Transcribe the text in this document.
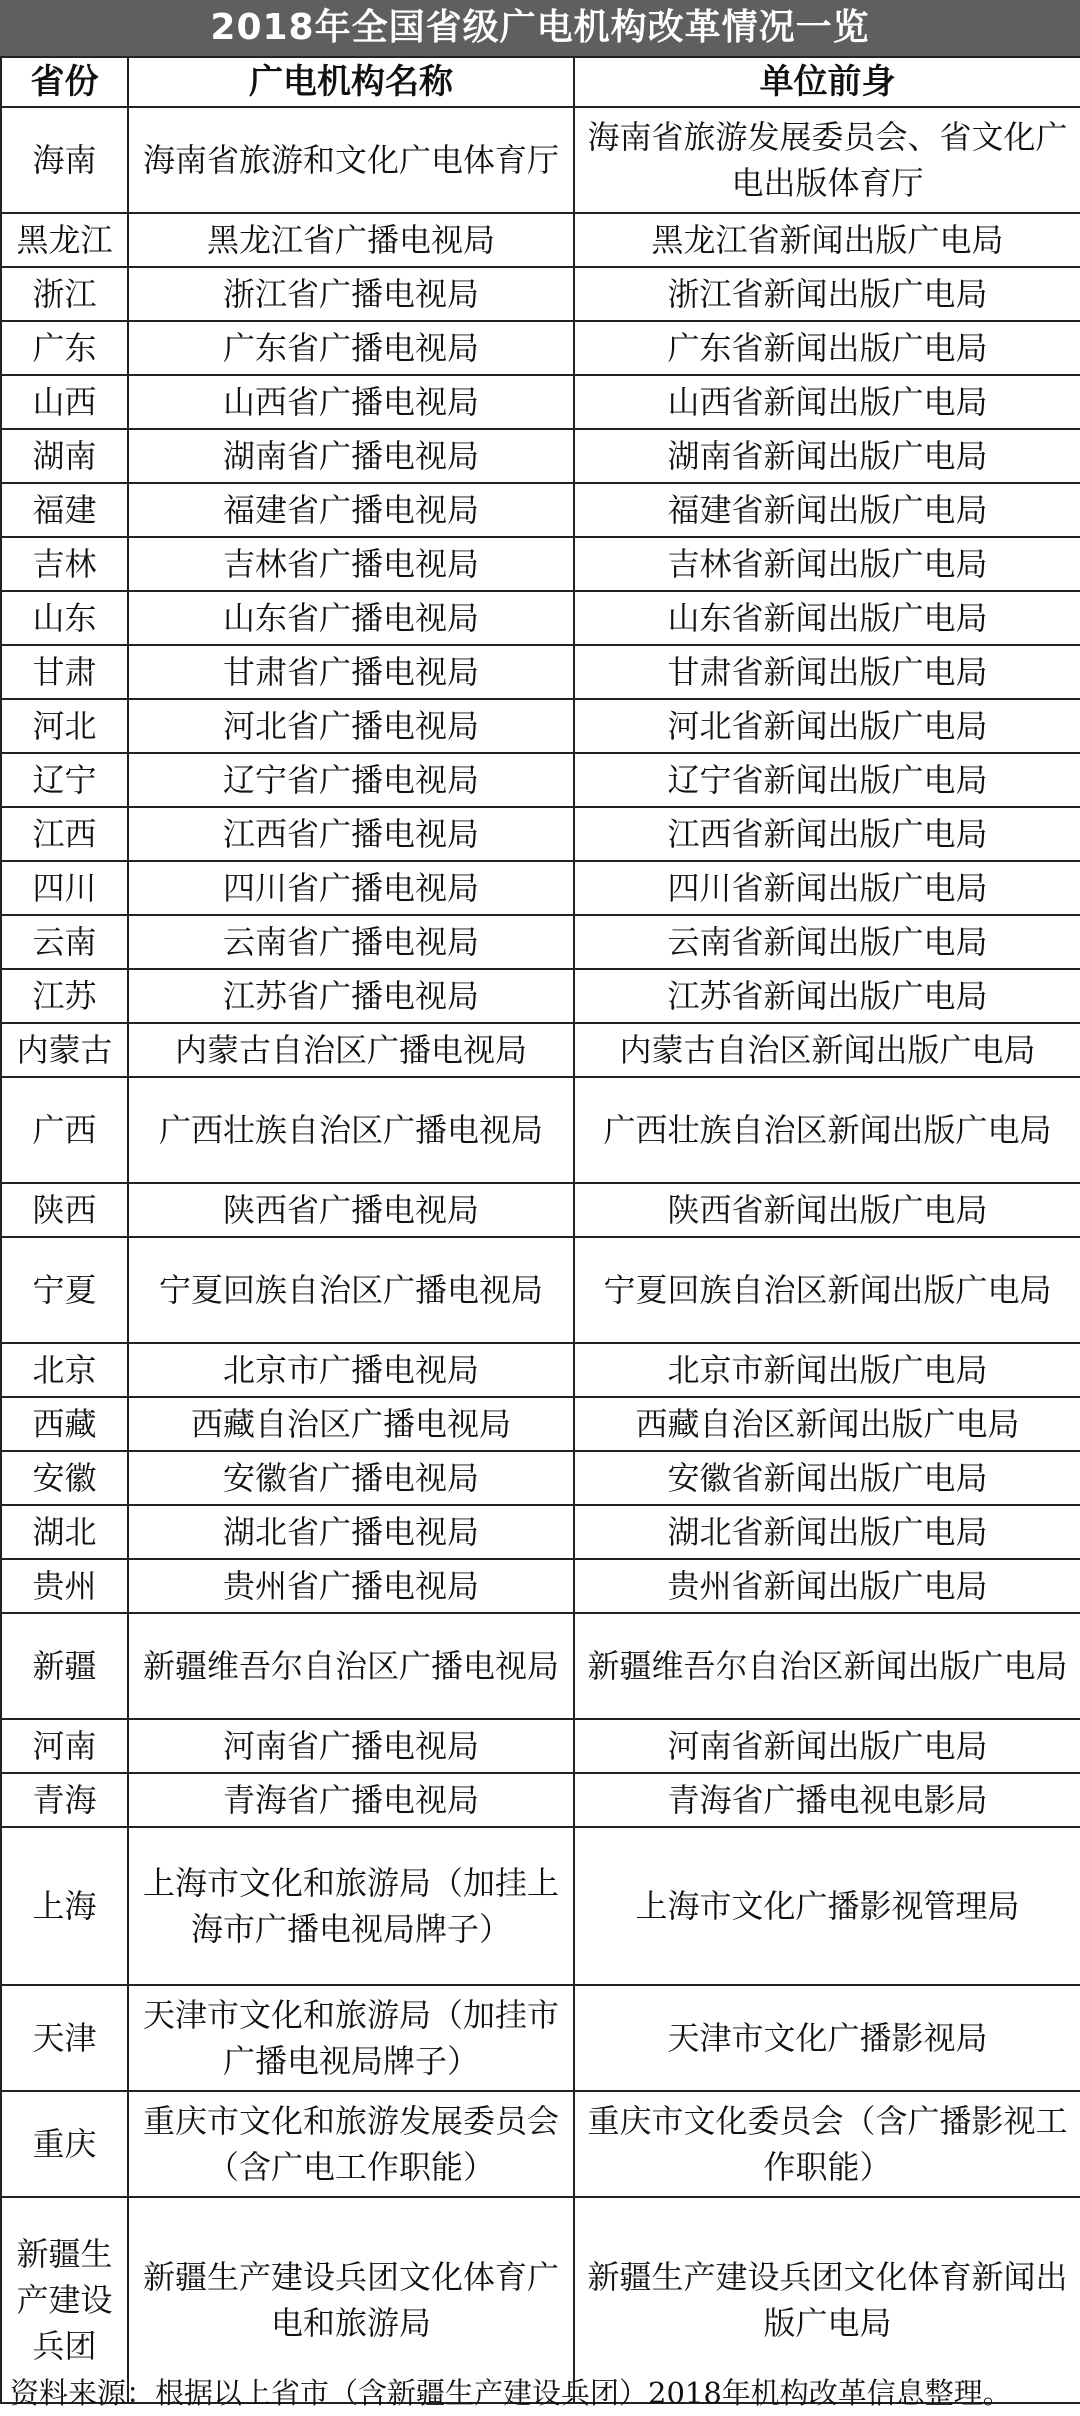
2018年全国省级广电机构改革情况一览
省份	广电机构名称	单位前身
海南	海南省旅游和文化广电体育厅	海南省旅游发展委员会、省文化广电出版体育厅
黑龙江	黑龙江省广播电视局	黑龙江省新闻出版广电局
浙江	浙江省广播电视局	浙江省新闻出版广电局
广东	广东省广播电视局	广东省新闻出版广电局
山西	山西省广播电视局	山西省新闻出版广电局
湖南	湖南省广播电视局	湖南省新闻出版广电局
福建	福建省广播电视局	福建省新闻出版广电局
吉林	吉林省广播电视局	吉林省新闻出版广电局
山东	山东省广播电视局	山东省新闻出版广电局
甘肃	甘肃省广播电视局	甘肃省新闻出版广电局
河北	河北省广播电视局	河北省新闻出版广电局
辽宁	辽宁省广播电视局	辽宁省新闻出版广电局
江西	江西省广播电视局	江西省新闻出版广电局
四川	四川省广播电视局	四川省新闻出版广电局
云南	云南省广播电视局	云南省新闻出版广电局
江苏	江苏省广播电视局	江苏省新闻出版广电局
内蒙古	内蒙古自治区广播电视局	内蒙古自治区新闻出版广电局
广西	广西壮族自治区广播电视局	广西壮族自治区新闻出版广电局
陕西	陕西省广播电视局	陕西省新闻出版广电局
宁夏	宁夏回族自治区广播电视局	宁夏回族自治区新闻出版广电局
北京	北京市广播电视局	北京市新闻出版广电局
西藏	西藏自治区广播电视局	西藏自治区新闻出版广电局
安徽	安徽省广播电视局	安徽省新闻出版广电局
湖北	湖北省广播电视局	湖北省新闻出版广电局
贵州	贵州省广播电视局	贵州省新闻出版广电局
新疆	新疆维吾尔自治区广播电视局	新疆维吾尔自治区新闻出版广电局
河南	河南省广播电视局	河南省新闻出版广电局
青海	青海省广播电视局	青海省广播电视电影局
上海	上海市文化和旅游局（加挂上海市广播电视局牌子）	上海市文化广播影视管理局
天津	天津市文化和旅游局（加挂市广播电视局牌子）	天津市文化广播影视局
重庆	重庆市文化和旅游发展委员会（含广电工作职能）	重庆市文化委员会（含广播影视工作职能）
新疆生产建设兵团	新疆生产建设兵团文化体育广电和旅游局	新疆生产建设兵团文化体育新闻出版广电局
资料来源：根据以上省市（含新疆生产建设兵团）2018年机构改革信息整理。
